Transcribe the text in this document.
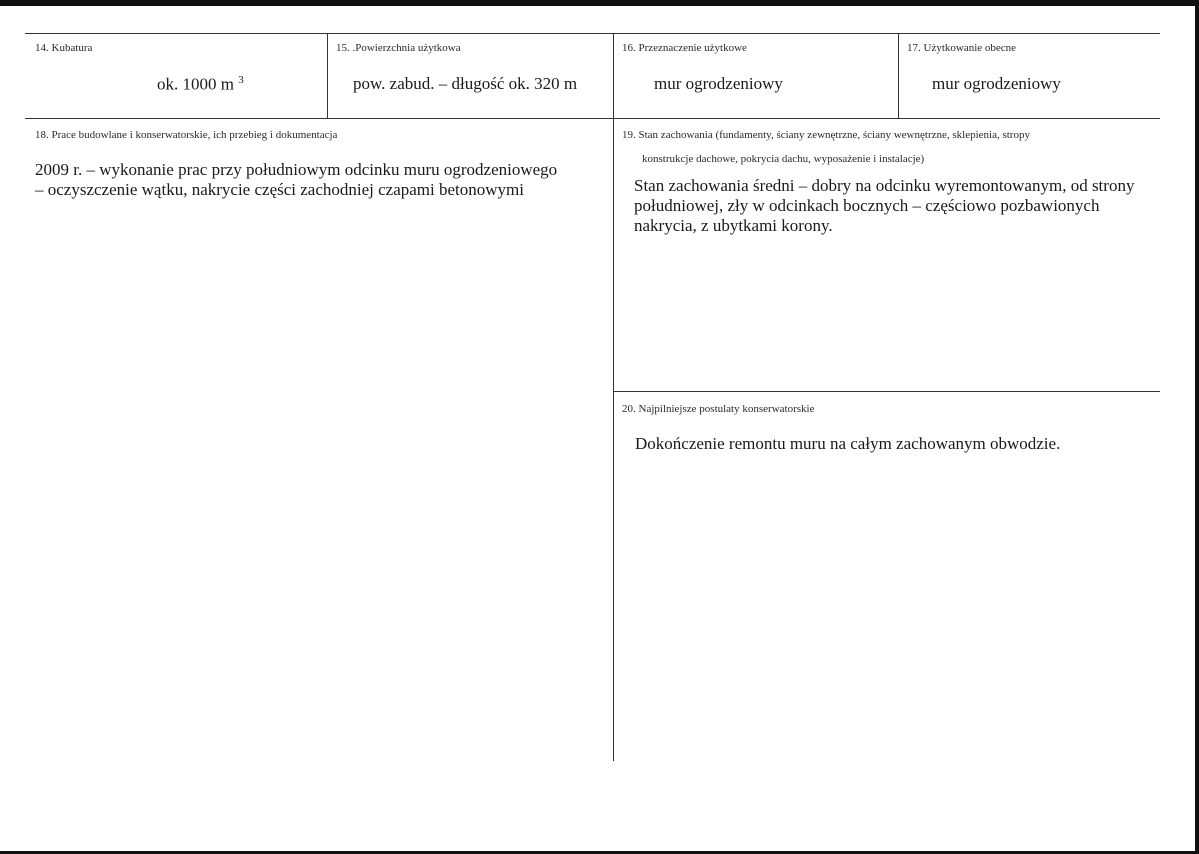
14. Kubatura
ok. 1000 m $^3$
15. .Powierzchnia użytkowa
pow. zabud. – długość ok. 320 m
16. Przeznaczenie użytkowe
mur ogrodzeniowy
17. Użytkowanie obecne
mur ogrodzeniowy
18. Prace budowlane i konserwatorskie, ich przebieg i dokumentacja
2009 r. – wykonanie prac przy południowym odcinku muru ogrodzeniowego
– oczyszczenie wątku, nakrycie części zachodniej czapami betonowymi
19. Stan zachowania (fundamenty, ściany zewnętrzne, ściany wewnętrzne, sklepienia, stropy
konstrukcje dachowe, pokrycia dachu, wyposażenie i instalacje)
Stan zachowania średni – dobry na odcinku wyremontowanym, od strony
południowej, zły w odcinkach bocznych – częściowo pozbawionych
nakrycia, z ubytkami korony.
20. Najpilniejsze postulaty konserwatorskie
Dokończenie remontu muru na całym zachowanym obwodzie.
